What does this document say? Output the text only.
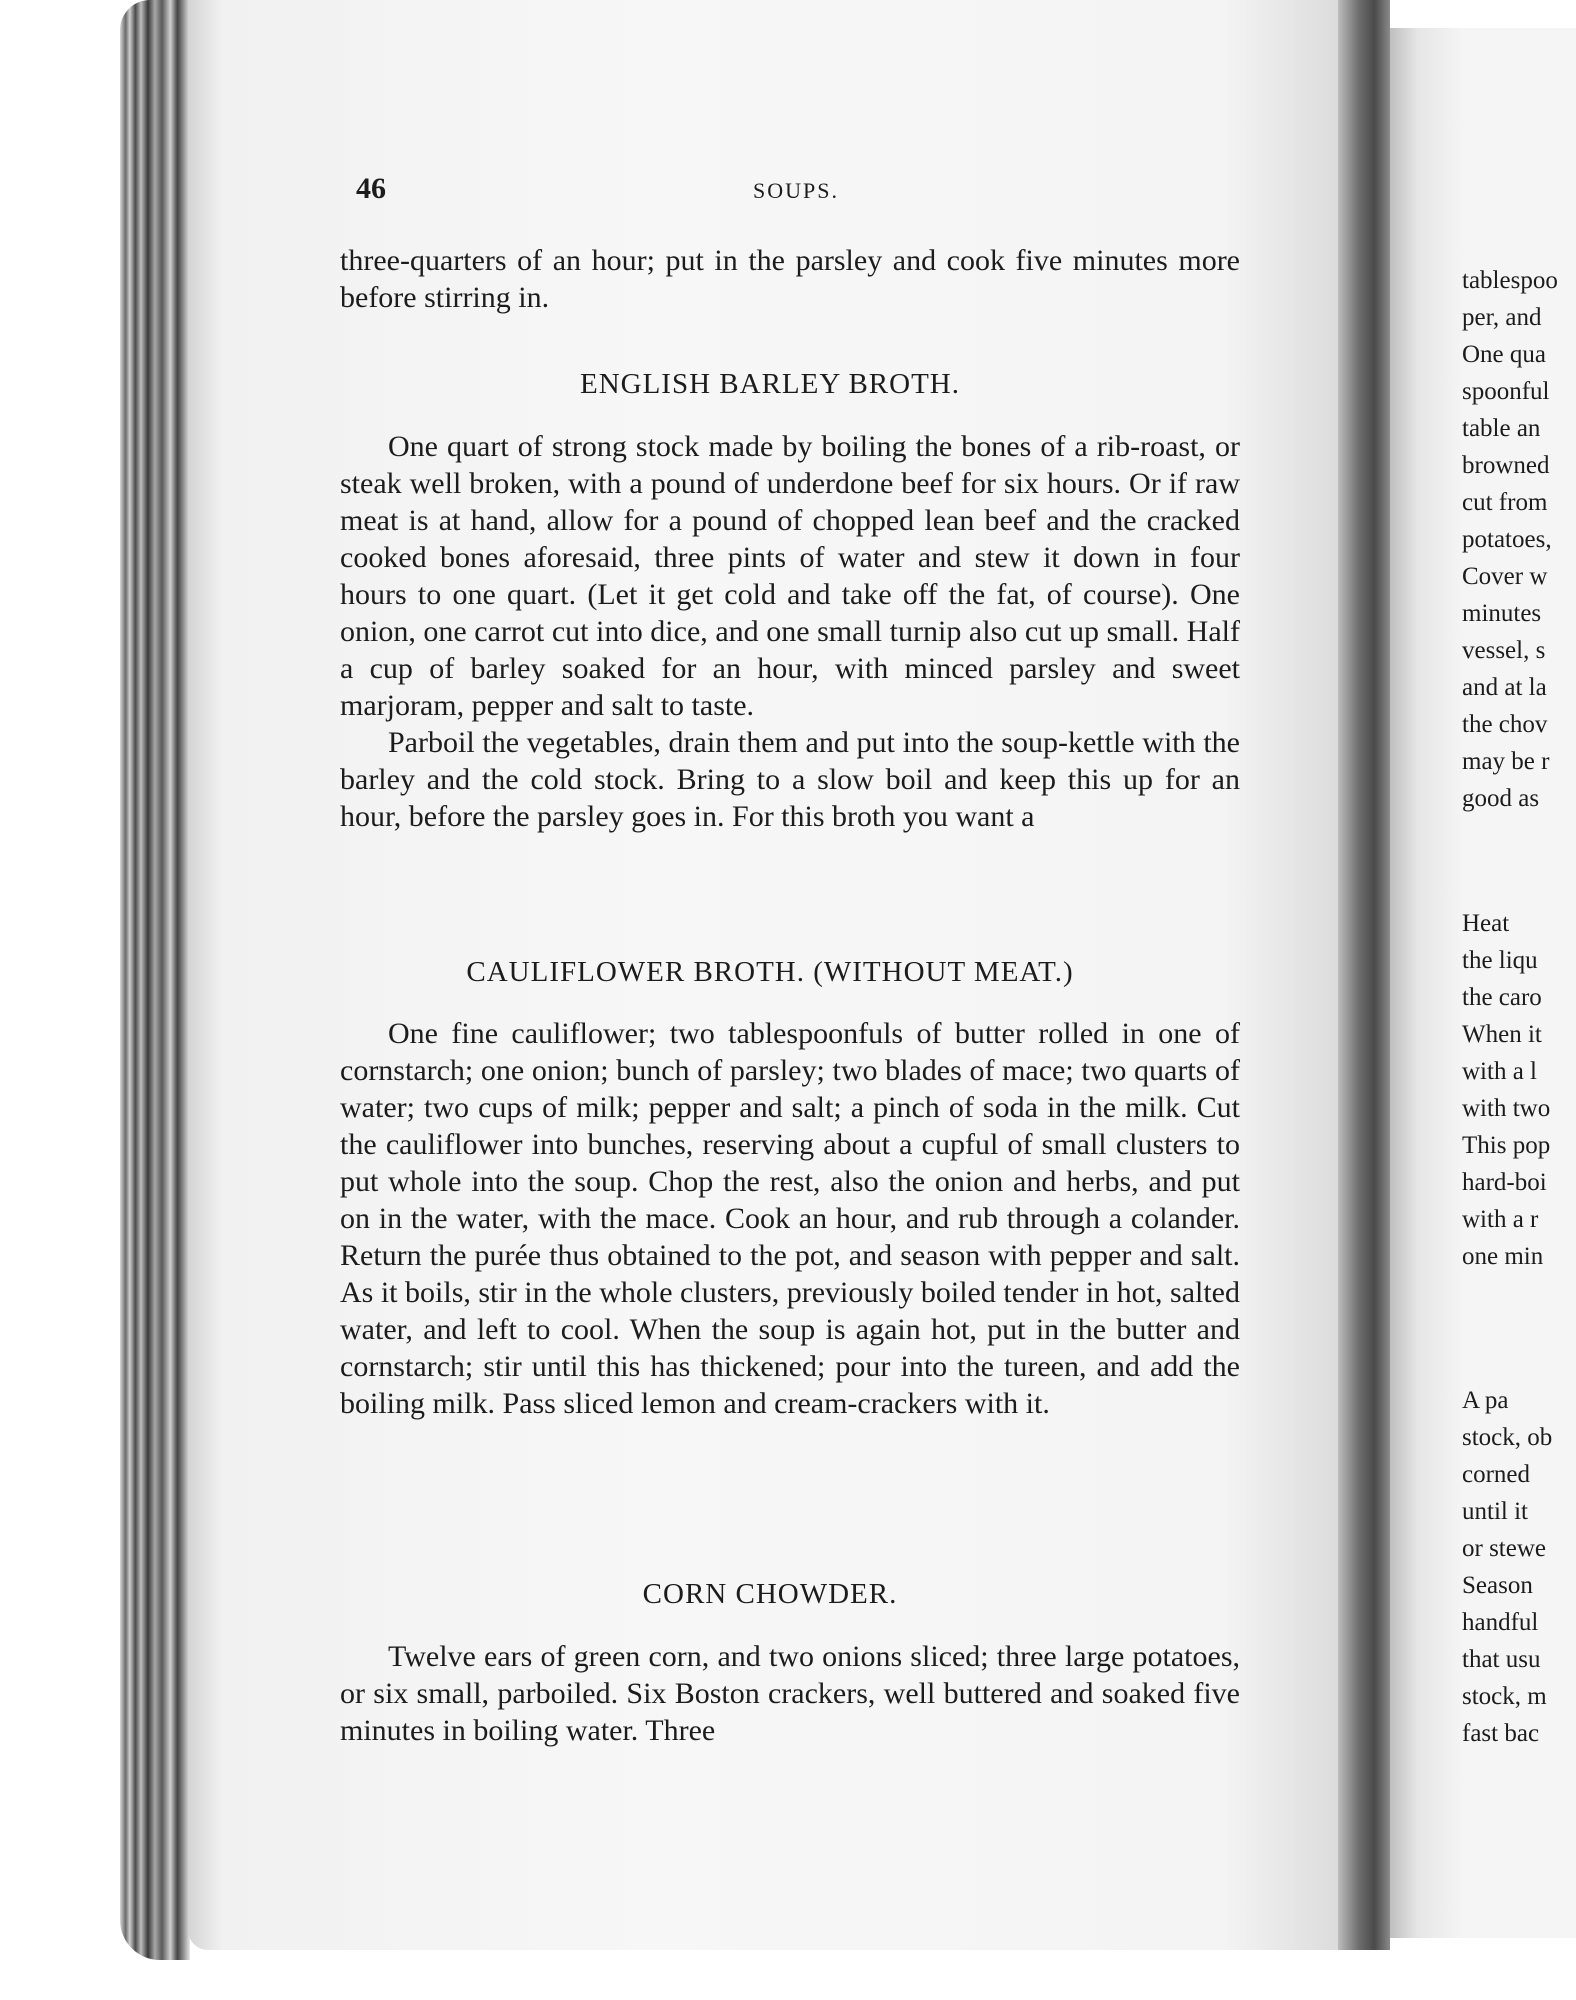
46	SOUPS.

three-quarters of an hour; put in the parsley and cook five minutes more before stirring in.

ENGLISH BARLEY BROTH.

One quart of strong stock made by boiling the bones of a rib-roast, or steak well broken, with a pound of underdone beef for six hours. Or if raw meat is at hand, allow for a pound of chopped lean beef and the cracked cooked bones aforesaid, three pints of water and stew it down in four hours to one quart. (Let it get cold and take off the fat, of course). One onion, one carrot cut into dice, and one small turnip also cut up small. Half a cup of barley soaked for an hour, with minced parsley and sweet marjoram, pepper and salt to taste.

Parboil the vegetables, drain them and put into the soup-kettle with the barley and the cold stock. Bring to a slow boil and keep this up for an hour, before the parsley goes in. For this broth you want a

CAULIFLOWER BROTH. (WITHOUT MEAT.)

One fine cauliflower; two tablespoonfuls of butter rolled in one of cornstarch; one onion; bunch of parsley; two blades of mace; two quarts of water; two cups of milk; pepper and salt; a pinch of soda in the milk. Cut the cauliflower into bunches, reserving about a cupful of small clusters to put whole into the soup. Chop the rest, also the onion and herbs, and put on in the water, with the mace. Cook an hour, and rub through a colander. Return the purée thus obtained to the pot, and season with pepper and salt. As it boils, stir in the whole clusters, previously boiled tender in hot, salted water, and left to cool. When the soup is again hot, put in the butter and cornstarch; stir until this has thickened; pour into the tureen, and add the boiling milk. Pass sliced lemon and cream-crackers with it.

CORN CHOWDER.

Twelve ears of green corn, and two onions sliced; three large potatoes, or six small, parboiled. Six Boston crackers, well buttered and soaked five minutes in boiling water. Three

tablespoo
per, and
One qua
spoonful
table an
browned
cut from
potatoes,
Cover w
minutes
vessel, s
and at la
the chov
may be r
good as
Heat
the liqu
the caro
When it
with a l
with two
This pop
hard-boi
with a r
one min
A pa
stock, ob
corned
until it
or stewe
Season
handful
that usu
stock, m
fast bac
